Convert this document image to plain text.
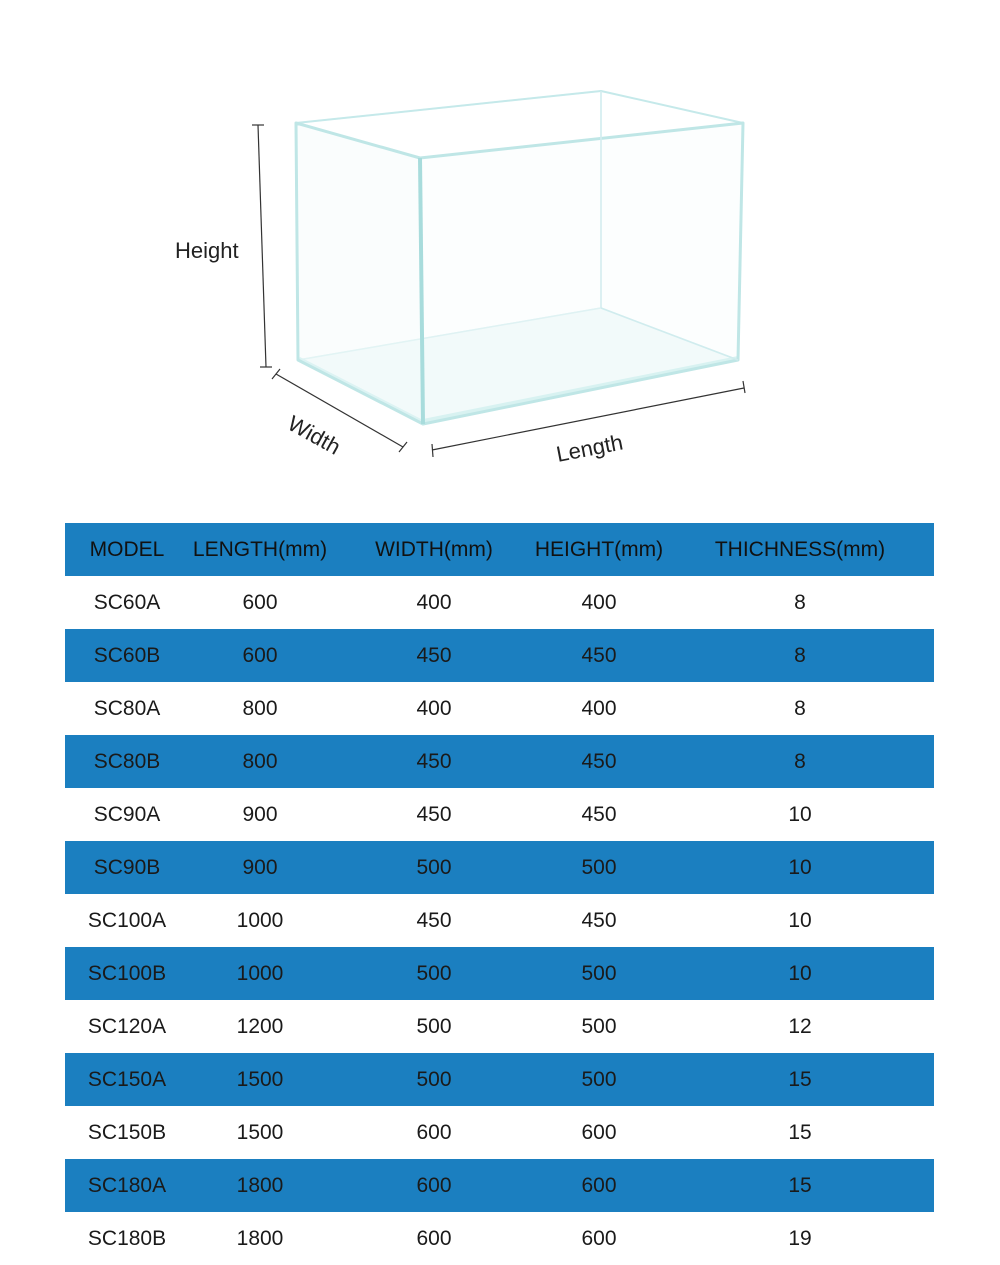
Height
Width	Length
MODEL	LENGTH(mm)	WIDTH(mm)	HEIGHT(mm)	THICHNESS(mm)
SC60A	600	400	400	8
SC60B	600	450	450	8
SC80A	800	400	400	8
SC80B	800	450	450	8
SC90A	900	450	450	10
SC90B	900	500	500	10
SC100A	1000	450	450	10
SC100B	1000	500	500	10
SC120A	1200	500	500	12
SC150A	1500	500	500	15
SC150B	1500	600	600	15
SC180A	1800	600	600	15
SC180B	1800	600	600	19
